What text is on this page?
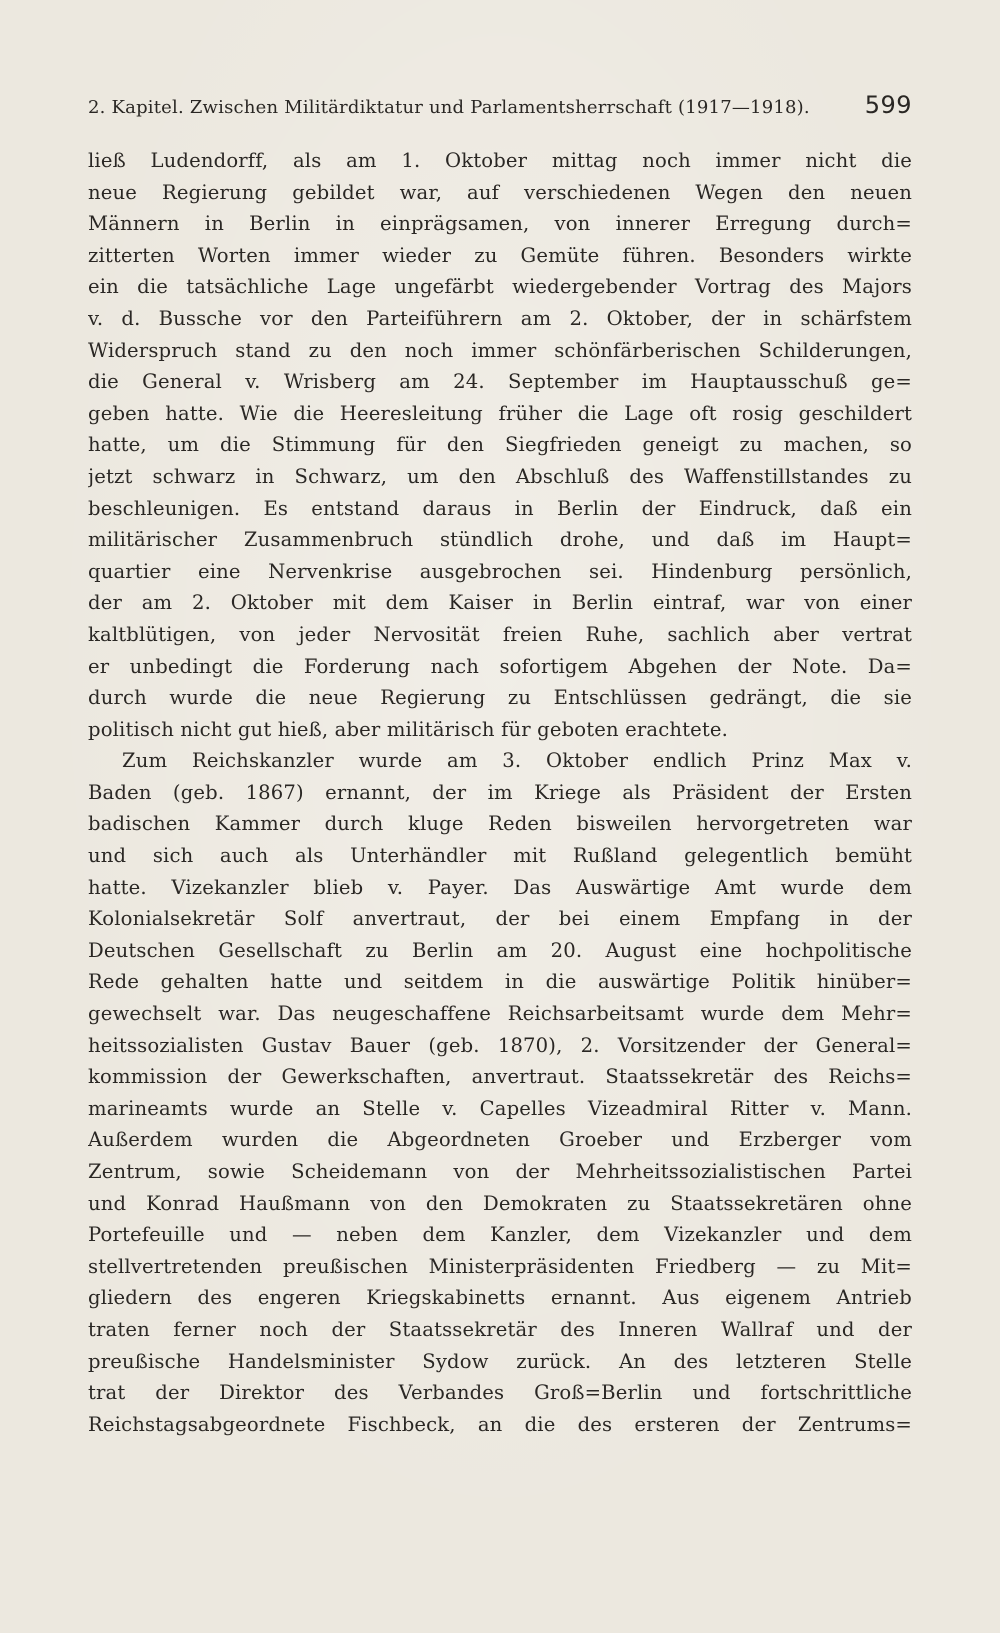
2. Kapitel. Zwischen Militärdiktatur und Parlamentsherrschaft (1917—1918). 599
ließ Ludendorff, als am 1. Oktober mittag noch immer nicht die
neue Regierung gebildet war, auf verschiedenen Wegen den neuen
Männern in Berlin in einprägsamen, von innerer Erregung durch=
zitterten Worten immer wieder zu Gemüte führen. Besonders wirkte
ein die tatsächliche Lage ungefärbt wiedergebender Vortrag des Majors
v. d. Bussche vor den Parteiführern am 2. Oktober, der in schärfstem
Widerspruch stand zu den noch immer schönfärberischen Schilderungen,
die General v. Wrisberg am 24. September im Hauptausschuß ge=
geben hatte. Wie die Heeresleitung früher die Lage oft rosig geschildert
hatte, um die Stimmung für den Siegfrieden geneigt zu machen, so
jetzt schwarz in Schwarz, um den Abschluß des Waffenstillstandes zu
beschleunigen. Es entstand daraus in Berlin der Eindruck, daß ein
militärischer Zusammenbruch stündlich drohe, und daß im Haupt=
quartier eine Nervenkrise ausgebrochen sei. Hindenburg persönlich,
der am 2. Oktober mit dem Kaiser in Berlin eintraf, war von einer
kaltblütigen, von jeder Nervosität freien Ruhe, sachlich aber vertrat
er unbedingt die Forderung nach sofortigem Abgehen der Note. Da=
durch wurde die neue Regierung zu Entschlüssen gedrängt, die sie
politisch nicht gut hieß, aber militärisch für geboten erachtete.
Zum Reichskanzler wurde am 3. Oktober endlich Prinz Max v.
Baden (geb. 1867) ernannt, der im Kriege als Präsident der Ersten
badischen Kammer durch kluge Reden bisweilen hervorgetreten war
und sich auch als Unterhändler mit Rußland gelegentlich bemüht
hatte. Vizekanzler blieb v. Payer. Das Auswärtige Amt wurde dem
Kolonialsekretär Solf anvertraut, der bei einem Empfang in der
Deutschen Gesellschaft zu Berlin am 20. August eine hochpolitische
Rede gehalten hatte und seitdem in die auswärtige Politik hinüber=
gewechselt war. Das neugeschaffene Reichsarbeitsamt wurde dem Mehr=
heitssozialisten Gustav Bauer (geb. 1870), 2. Vorsitzender der General=
kommission der Gewerkschaften, anvertraut. Staatssekretär des Reichs=
marineamts wurde an Stelle v. Capelles Vizeadmiral Ritter v. Mann.
Außerdem wurden die Abgeordneten Groeber und Erzberger vom
Zentrum, sowie Scheidemann von der Mehrheitssozialistischen Partei
und Konrad Haußmann von den Demokraten zu Staatssekretären ohne
Portefeuille und — neben dem Kanzler, dem Vizekanzler und dem
stellvertretenden preußischen Ministerpräsidenten Friedberg — zu Mit=
gliedern des engeren Kriegskabinetts ernannt. Aus eigenem Antrieb
traten ferner noch der Staatssekretär des Inneren Wallraf und der
preußische Handelsminister Sydow zurück. An des letzteren Stelle
trat der Direktor des Verbandes Groß=Berlin und fortschrittliche
Reichstagsabgeordnete Fischbeck, an die des ersteren der Zentrums=
